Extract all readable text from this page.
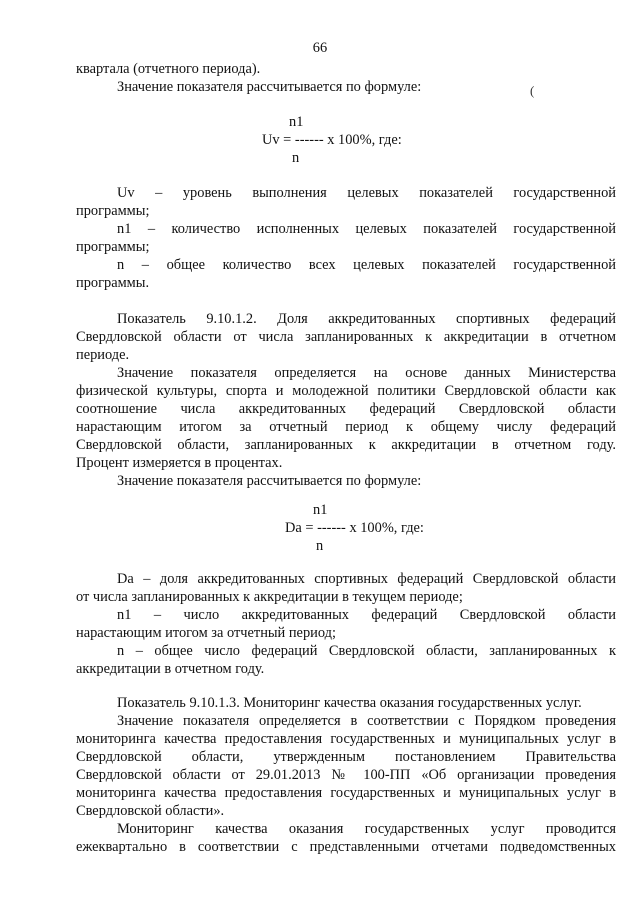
66
квартала (отчетного периода).
Значение показателя рассчитывается по формуле:	(
n1
Uv = ------ x 100%, где:
n
Uv – уровень выполнения целевых показателей государственной
программы;
n1 – количество исполненных целевых показателей государственной
программы;
n – общее количество всех целевых показателей государственной
программы.
Показатель 9.10.1.2. Доля аккредитованных спортивных федераций
Свердловской области от числа запланированных к аккредитации в отчетном
периоде.
Значение показателя определяется на основе данных Министерства
физической культуры, спорта и молодежной политики Свердловской области как
соотношение числа аккредитованных федераций Свердловской области
нарастающим итогом за отчетный период к общему числу федераций
Свердловской области, запланированных к аккредитации в отчетном году.
Процент измеряется в процентах.
Значение показателя рассчитывается по формуле:
n1
Da = ------ x 100%, где:
n
Da – доля аккредитованных спортивных федераций Свердловской области
от числа запланированных к аккредитации в текущем периоде;
n1 – число аккредитованных федераций Свердловской области
нарастающим итогом за отчетный период;
n – общее число федераций Свердловской области, запланированных к
аккредитации в отчетном году.
Показатель 9.10.1.3. Мониторинг качества оказания государственных услуг.
Значение показателя определяется в соответствии с Порядком проведения
мониторинга качества предоставления государственных и муниципальных услуг в
Свердловской области, утвержденным постановлением Правительства
Свердловской области от 29.01.2013 № 100-ПП «Об организации проведения
мониторинга качества предоставления государственных и муниципальных услуг в
Свердловской области».
Мониторинг качества оказания государственных услуг проводится
ежеквартально в соответствии с представленными отчетами подведомственных
